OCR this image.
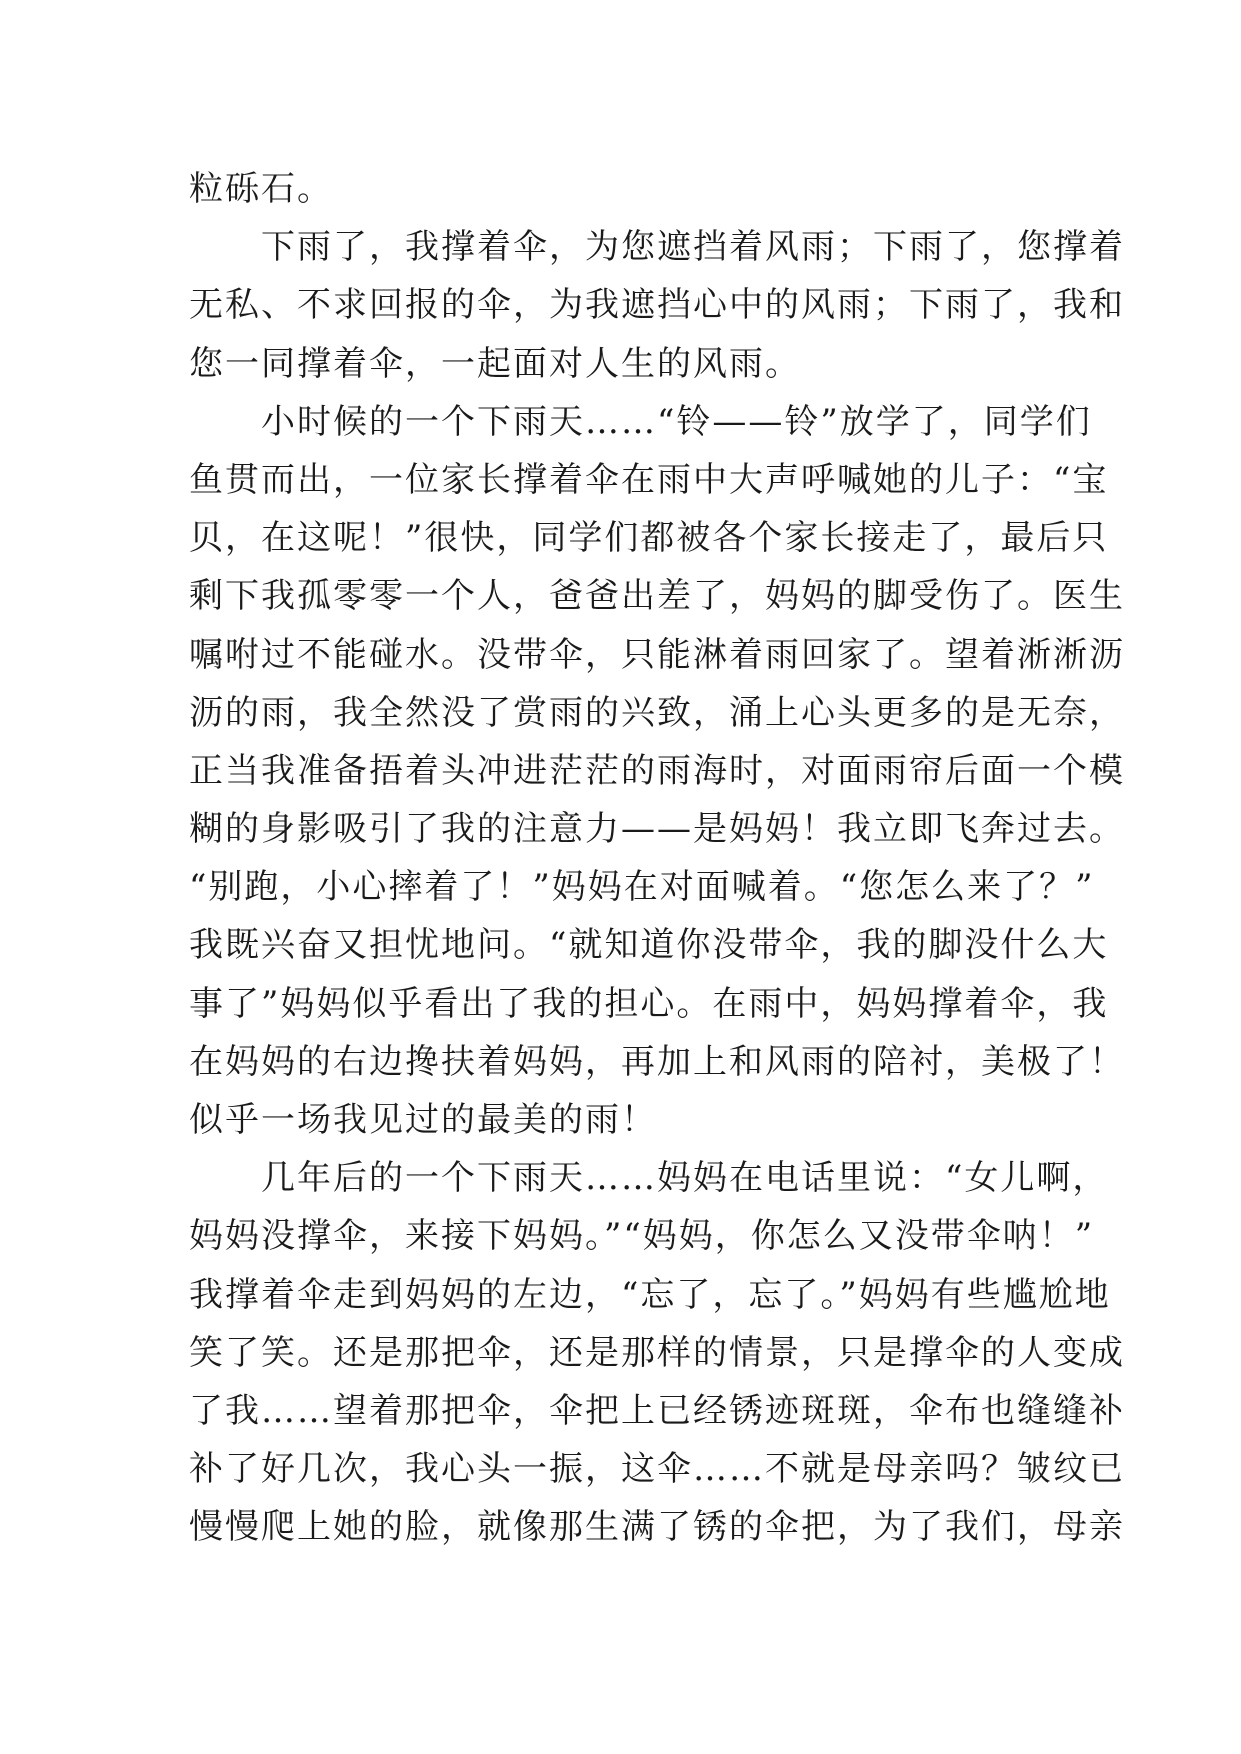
粒砾石。
　　下雨了，我撑着伞，为您遮挡着风雨；下雨了，您撑着
无私、不求回报的伞，为我遮挡心中的风雨；下雨了，我和
您一同撑着伞，一起面对人生的风雨。
　　小时候的一个下雨天……“铃——铃”放学了，同学们
鱼贯而出，一位家长撑着伞在雨中大声呼喊她的儿子：“宝
贝，在这呢！”很快，同学们都被各个家长接走了，最后只
剩下我孤零零一个人，爸爸出差了，妈妈的脚受伤了。医生
嘱咐过不能碰水。没带伞，只能淋着雨回家了。望着淅淅沥
沥的雨，我全然没了赏雨的兴致，涌上心头更多的是无奈，
正当我准备捂着头冲进茫茫的雨海时，对面雨帘后面一个模
糊的身影吸引了我的注意力——是妈妈！我立即飞奔过去。
“别跑，小心摔着了！”妈妈在对面喊着。“您怎么来了？”
我既兴奋又担忧地问。“就知道你没带伞，我的脚没什么大
事了”妈妈似乎看出了我的担心。在雨中，妈妈撑着伞，我
在妈妈的右边搀扶着妈妈，再加上和风雨的陪衬，美极了！
似乎一场我见过的最美的雨！
　　几年后的一个下雨天……妈妈在电话里说：“女儿啊，
妈妈没撑伞，来接下妈妈。”“妈妈，你怎么又没带伞呐！”
我撑着伞走到妈妈的左边，“忘了，忘了。”妈妈有些尴尬地
笑了笑。还是那把伞，还是那样的情景，只是撑伞的人变成
了我……望着那把伞，伞把上已经锈迹斑斑，伞布也缝缝补
补了好几次，我心头一振，这伞……不就是母亲吗？皱纹已
慢慢爬上她的脸，就像那生满了锈的伞把，为了我们，母亲
